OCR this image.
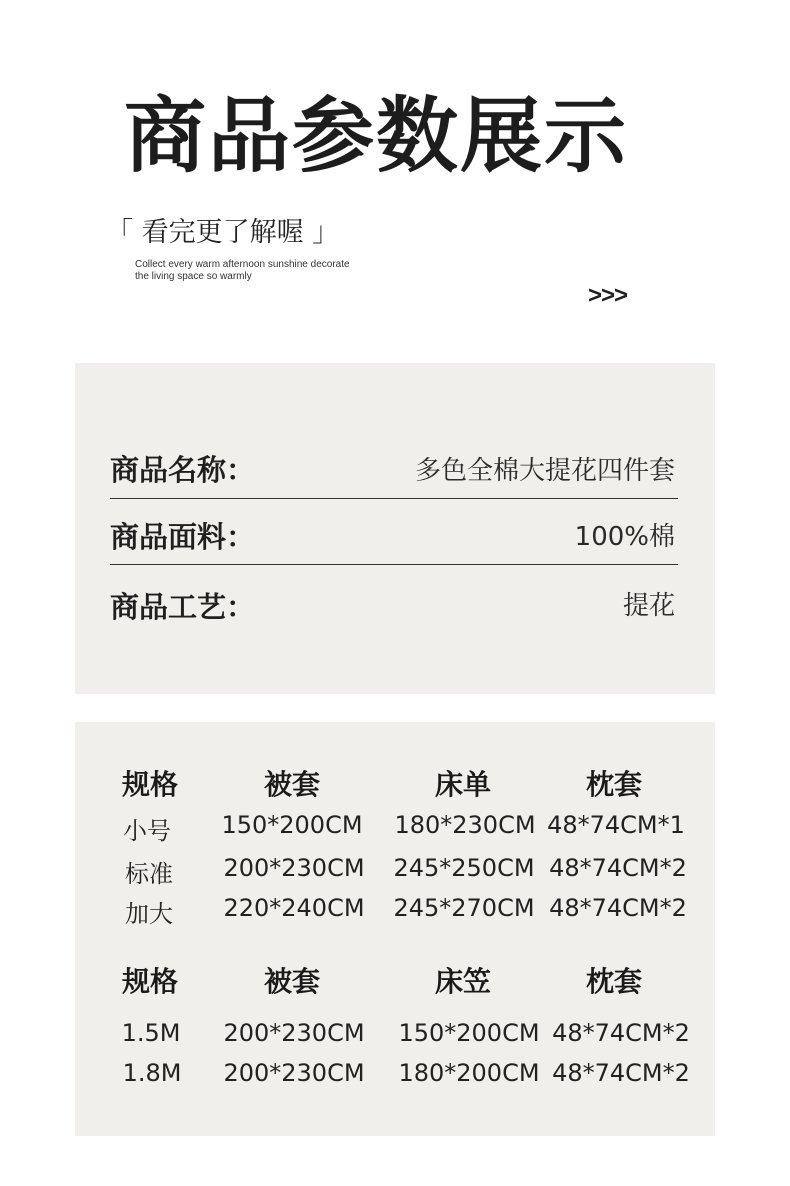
商品参数展示
「 看完更了解喔 」
Collect every warm afternoon sunshine decorate
the living space so warmly
>>>
商品名称：	多色全棉大提花四件套
商品面料：	100%棉
商品工艺：	提花
规格	被套	床单	枕套
小号 150*200CM 180*230CM 48*74CM*1
标准 200*230CM 245*250CM 48*74CM*2
加大 220*240CM 245*270CM 48*74CM*2
规格	被套	床笠	枕套
1.5M 200*230CM 150*200CM 48*74CM*2
1.8M 200*230CM 180*200CM 48*74CM*2
